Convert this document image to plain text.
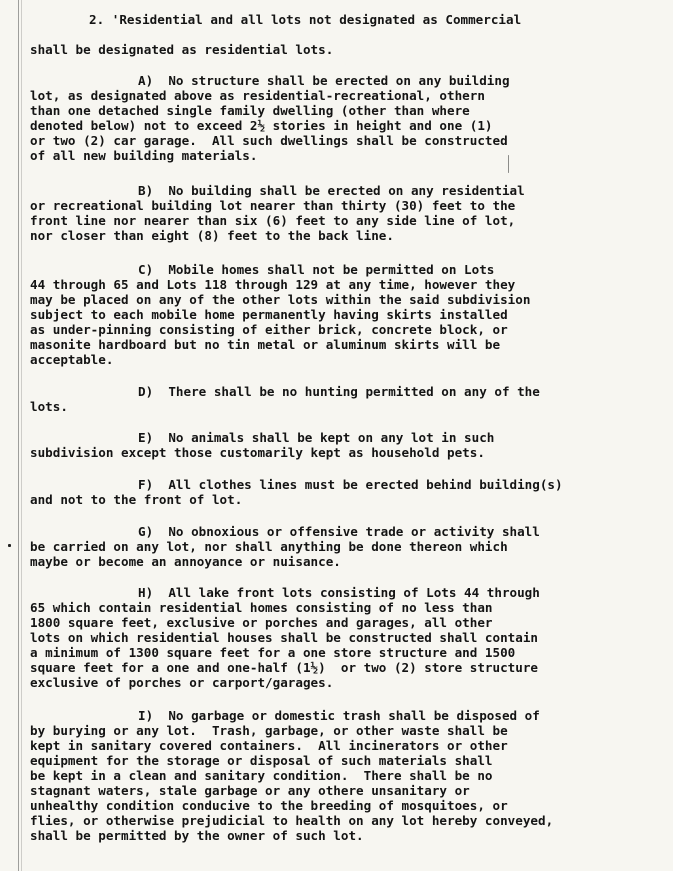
2. 'Residential and all lots not designated as Commercial
shall be designated as residential lots.
A)  No structure shall be erected on any building
lot, as designated above as residential-recreational, othern
than one detached single family dwelling (other than where
denoted below) not to exceed 2½ stories in height and one (1)
or two (2) car garage.  All such dwellings shall be constructed
of all new building materials.
B)  No building shall be erected on any residential
or recreational building lot nearer than thirty (30) feet to the
front line nor nearer than six (6) feet to any side line of lot,
nor closer than eight (8) feet to the back line.
C)  Mobile homes shall not be permitted on Lots
44 through 65 and Lots 118 through 129 at any time, however they
may be placed on any of the other lots within the said subdivision
subject to each mobile home permanently having skirts installed
as under-pinning consisting of either brick, concrete block, or
masonite hardboard but no tin metal or aluminum skirts will be
acceptable.
D)  There shall be no hunting permitted on any of the
lots.
E)  No animals shall be kept on any lot in such
subdivision except those customarily kept as household pets.
F)  All clothes lines must be erected behind building(s)
and not to the front of lot.
G)  No obnoxious or offensive trade or activity shall
be carried on any lot, nor shall anything be done thereon which
maybe or become an annoyance or nuisance.
H)  All lake front lots consisting of Lots 44 through
65 which contain residential homes consisting of no less than
1800 square feet, exclusive or porches and garages, all other
lots on which residential houses shall be constructed shall contain
a minimum of 1300 square feet for a one store structure and 1500
square feet for a one and one-half (1½)  or two (2) store structure
exclusive of porches or carport/garages.
I)  No garbage or domestic trash shall be disposed of
by burying or any lot.  Trash, garbage, or other waste shall be
kept in sanitary covered containers.  All incinerators or other
equipment for the storage or disposal of such materials shall
be kept in a clean and sanitary condition.  There shall be no
stagnant waters, stale garbage or any othere unsanitary or
unhealthy condition conducive to the breeding of mosquitoes, or
flies, or otherwise prejudicial to health on any lot hereby conveyed,
shall be permitted by the owner of such lot.
